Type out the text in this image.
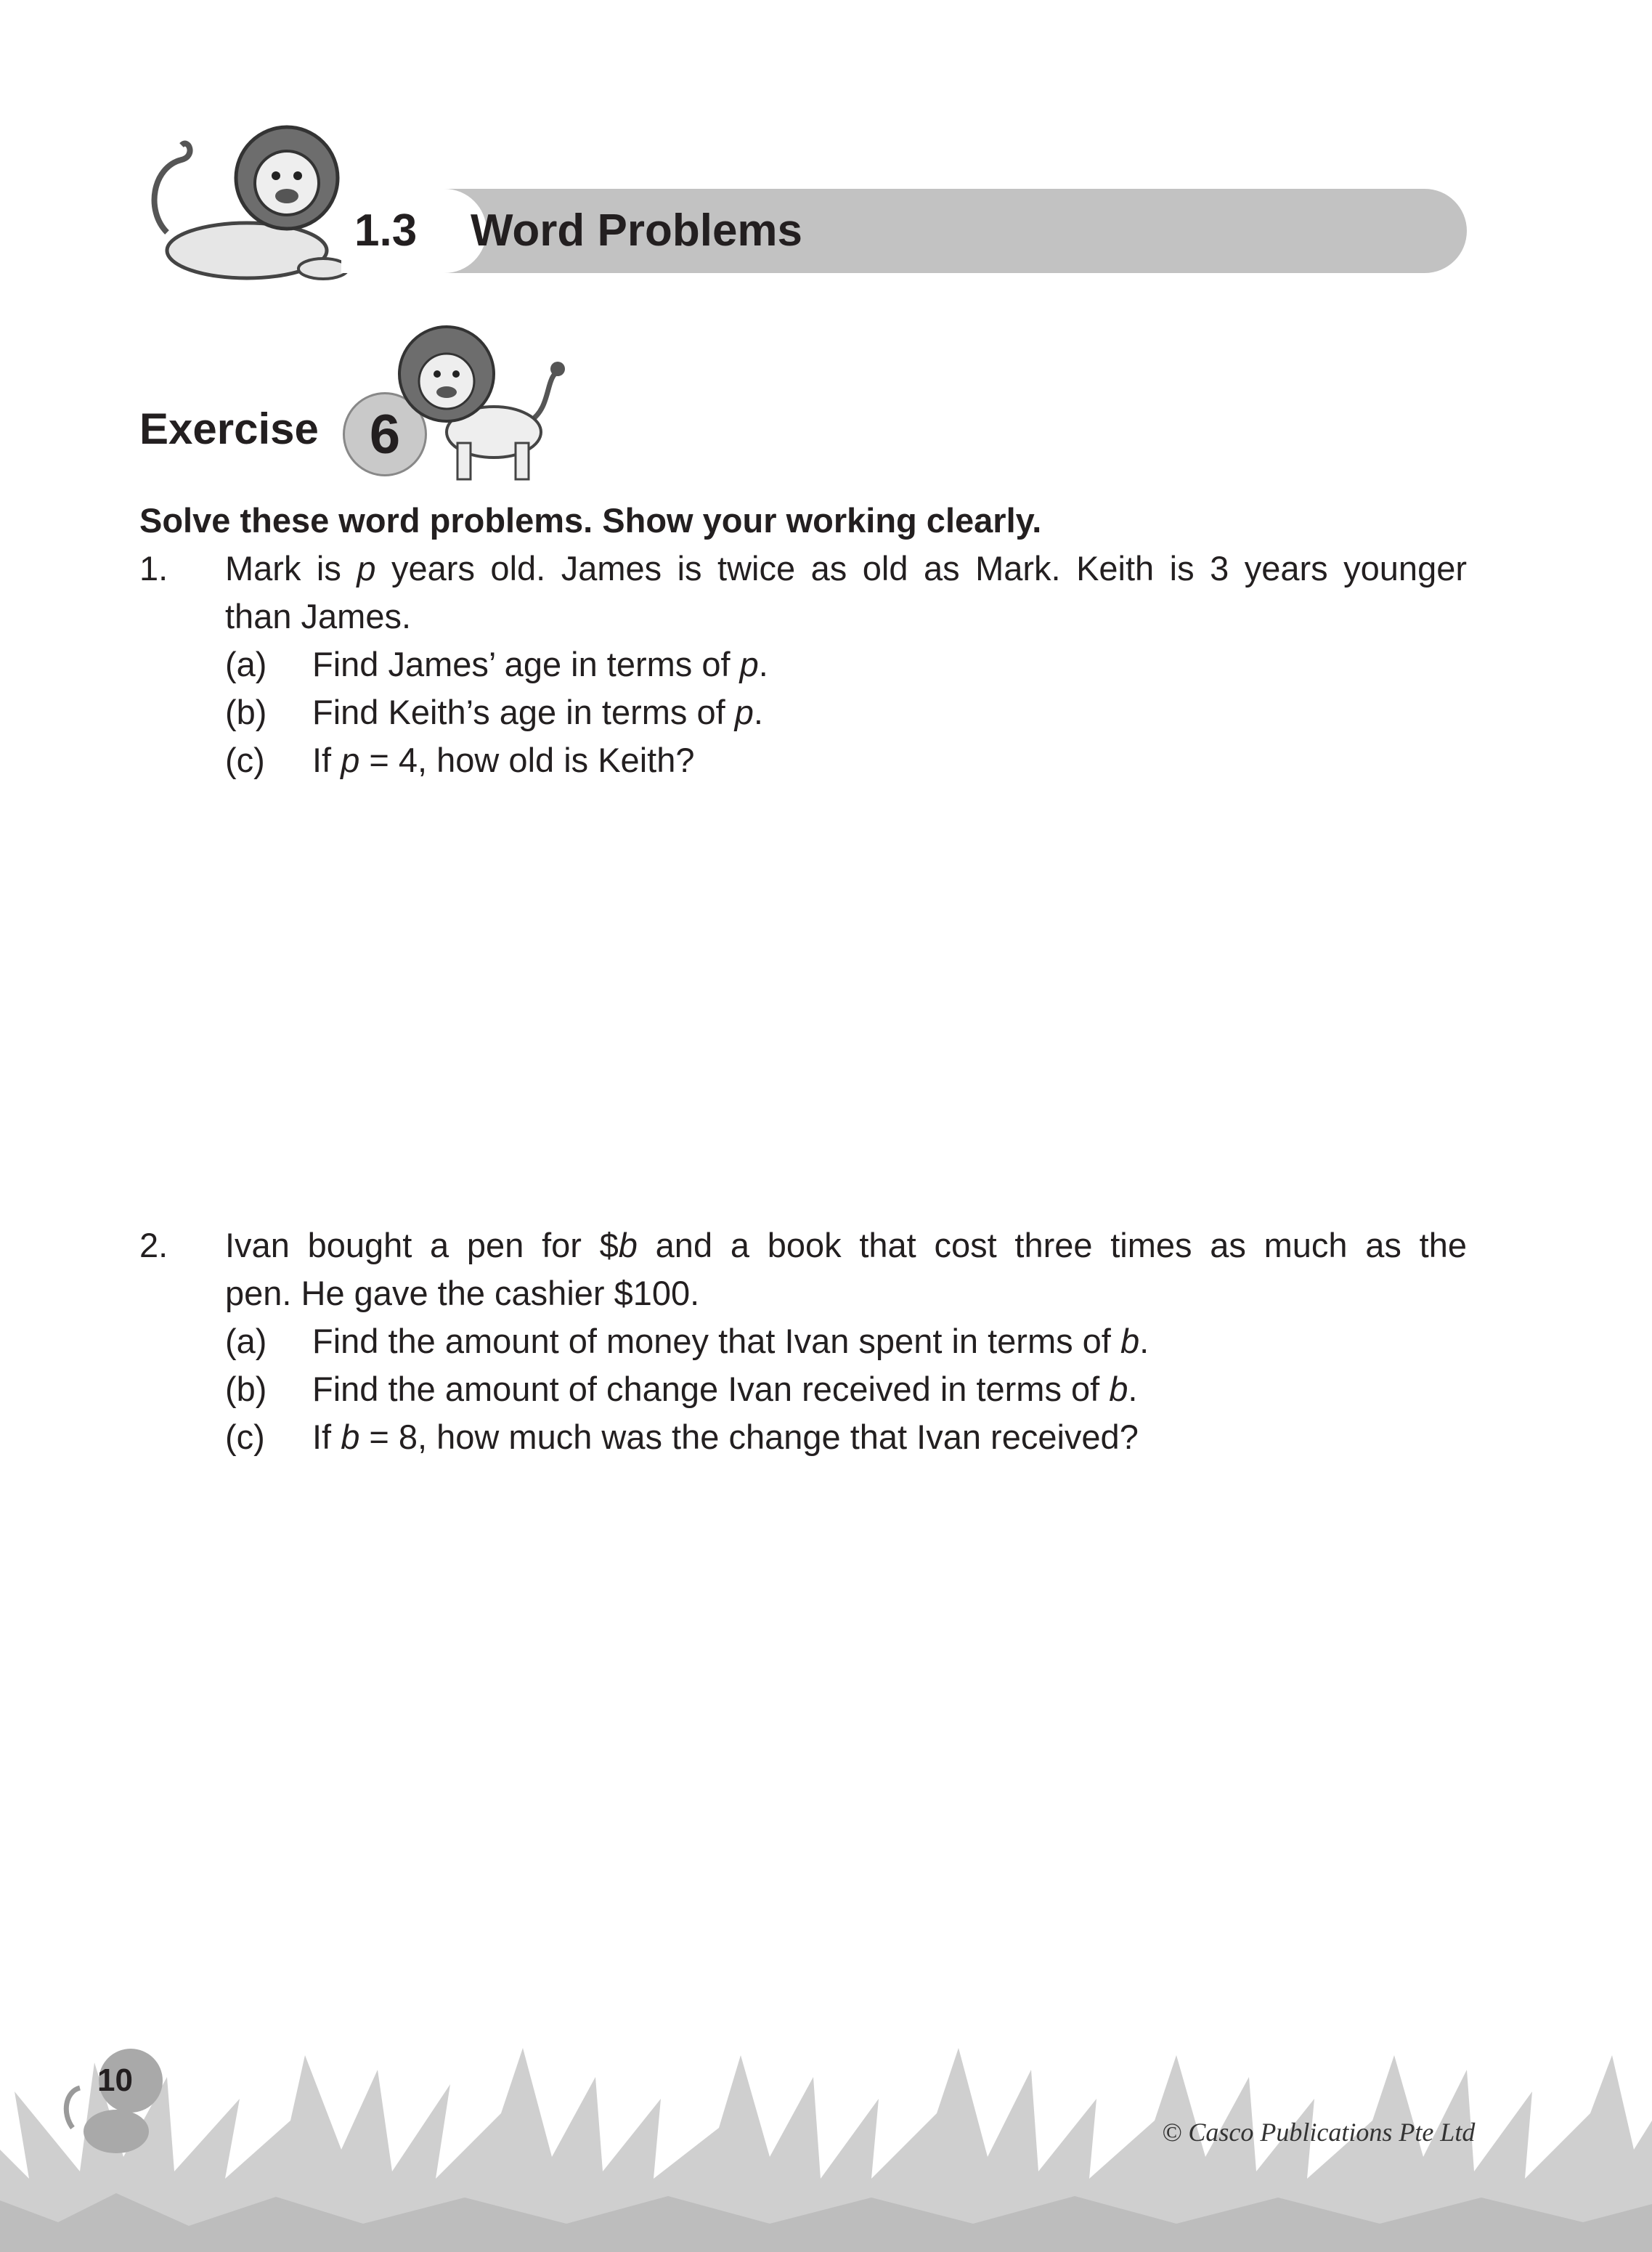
1.3 Word Problems
Exercise 6
Solve these word problems. Show your working clearly.
1. Mark is p years old. James is twice as old as Mark. Keith is 3 years younger
than James.
(a) Find James’ age in terms of p.
(b) Find Keith’s age in terms of p.
(c) If p = 4, how old is Keith?
2. Ivan bought a pen for $b and a book that cost three times as much as the
pen. He gave the cashier $100.
(a) Find the amount of money that Ivan spent in terms of b.
(b) Find the amount of change Ivan received in terms of b.
(c) If b = 8, how much was the change that Ivan received?
10
© Casco Publications Pte Ltd
